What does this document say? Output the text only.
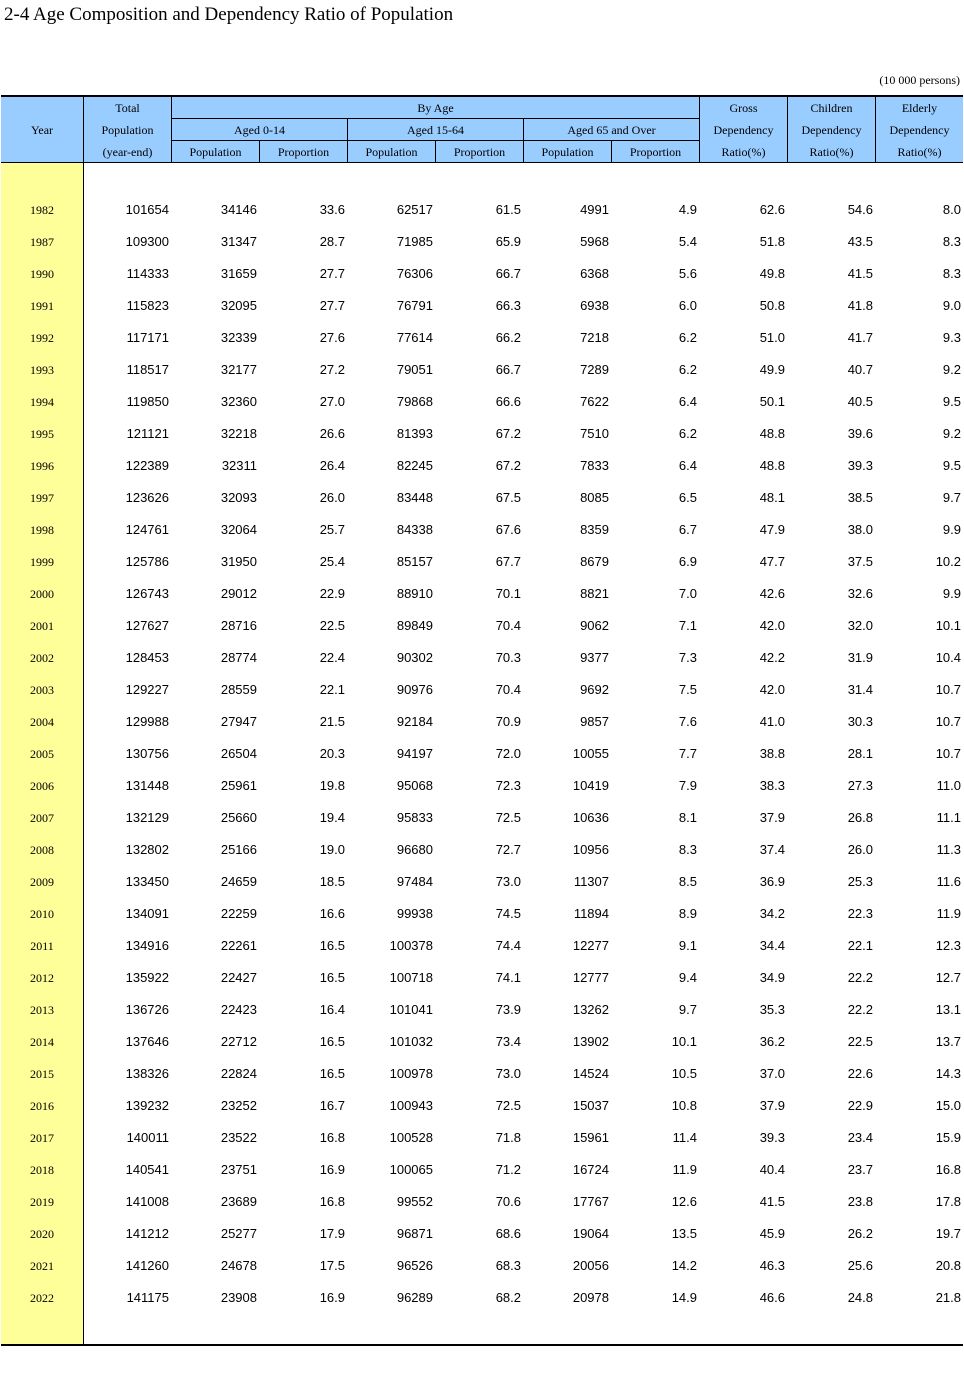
2-4 Age Composition and Dependency Ratio of Population
(10 000 persons)
Year
Total
Population
(year-end)
By Age
Aged 0-14	Aged 15-64	Aged 65 and Over
Population	Proportion	Population	Proportion	Population	Proportion
Gross
Dependency
Ratio(%)
Children
Dependency
Ratio(%)
Elderly
Dependency
Ratio(%)
1982	101654	34146	33.6	62517	61.5	4991	4.9	62.6	54.6	8.0
1987	109300	31347	28.7	71985	65.9	5968	5.4	51.8	43.5	8.3
1990	114333	31659	27.7	76306	66.7	6368	5.6	49.8	41.5	8.3
1991	115823	32095	27.7	76791	66.3	6938	6.0	50.8	41.8	9.0
1992	117171	32339	27.6	77614	66.2	7218	6.2	51.0	41.7	9.3
1993	118517	32177	27.2	79051	66.7	7289	6.2	49.9	40.7	9.2
1994	119850	32360	27.0	79868	66.6	7622	6.4	50.1	40.5	9.5
1995	121121	32218	26.6	81393	67.2	7510	6.2	48.8	39.6	9.2
1996	122389	32311	26.4	82245	67.2	7833	6.4	48.8	39.3	9.5
1997	123626	32093	26.0	83448	67.5	8085	6.5	48.1	38.5	9.7
1998	124761	32064	25.7	84338	67.6	8359	6.7	47.9	38.0	9.9
1999	125786	31950	25.4	85157	67.7	8679	6.9	47.7	37.5	10.2
2000	126743	29012	22.9	88910	70.1	8821	7.0	42.6	32.6	9.9
2001	127627	28716	22.5	89849	70.4	9062	7.1	42.0	32.0	10.1
2002	128453	28774	22.4	90302	70.3	9377	7.3	42.2	31.9	10.4
2003	129227	28559	22.1	90976	70.4	9692	7.5	42.0	31.4	10.7
2004	129988	27947	21.5	92184	70.9	9857	7.6	41.0	30.3	10.7
2005	130756	26504	20.3	94197	72.0	10055	7.7	38.8	28.1	10.7
2006	131448	25961	19.8	95068	72.3	10419	7.9	38.3	27.3	11.0
2007	132129	25660	19.4	95833	72.5	10636	8.1	37.9	26.8	11.1
2008	132802	25166	19.0	96680	72.7	10956	8.3	37.4	26.0	11.3
2009	133450	24659	18.5	97484	73.0	11307	8.5	36.9	25.3	11.6
2010	134091	22259	16.6	99938	74.5	11894	8.9	34.2	22.3	11.9
2011	134916	22261	16.5	100378	74.4	12277	9.1	34.4	22.1	12.3
2012	135922	22427	16.5	100718	74.1	12777	9.4	34.9	22.2	12.7
2013	136726	22423	16.4	101041	73.9	13262	9.7	35.3	22.2	13.1
2014	137646	22712	16.5	101032	73.4	13902	10.1	36.2	22.5	13.7
2015	138326	22824	16.5	100978	73.0	14524	10.5	37.0	22.6	14.3
2016	139232	23252	16.7	100943	72.5	15037	10.8	37.9	22.9	15.0
2017	140011	23522	16.8	100528	71.8	15961	11.4	39.3	23.4	15.9
2018	140541	23751	16.9	100065	71.2	16724	11.9	40.4	23.7	16.8
2019	141008	23689	16.8	99552	70.6	17767	12.6	41.5	23.8	17.8
2020	141212	25277	17.9	96871	68.6	19064	13.5	45.9	26.2	19.7
2021	141260	24678	17.5	96526	68.3	20056	14.2	46.3	25.6	20.8
2022	141175	23908	16.9	96289	68.2	20978	14.9	46.6	24.8	21.8
